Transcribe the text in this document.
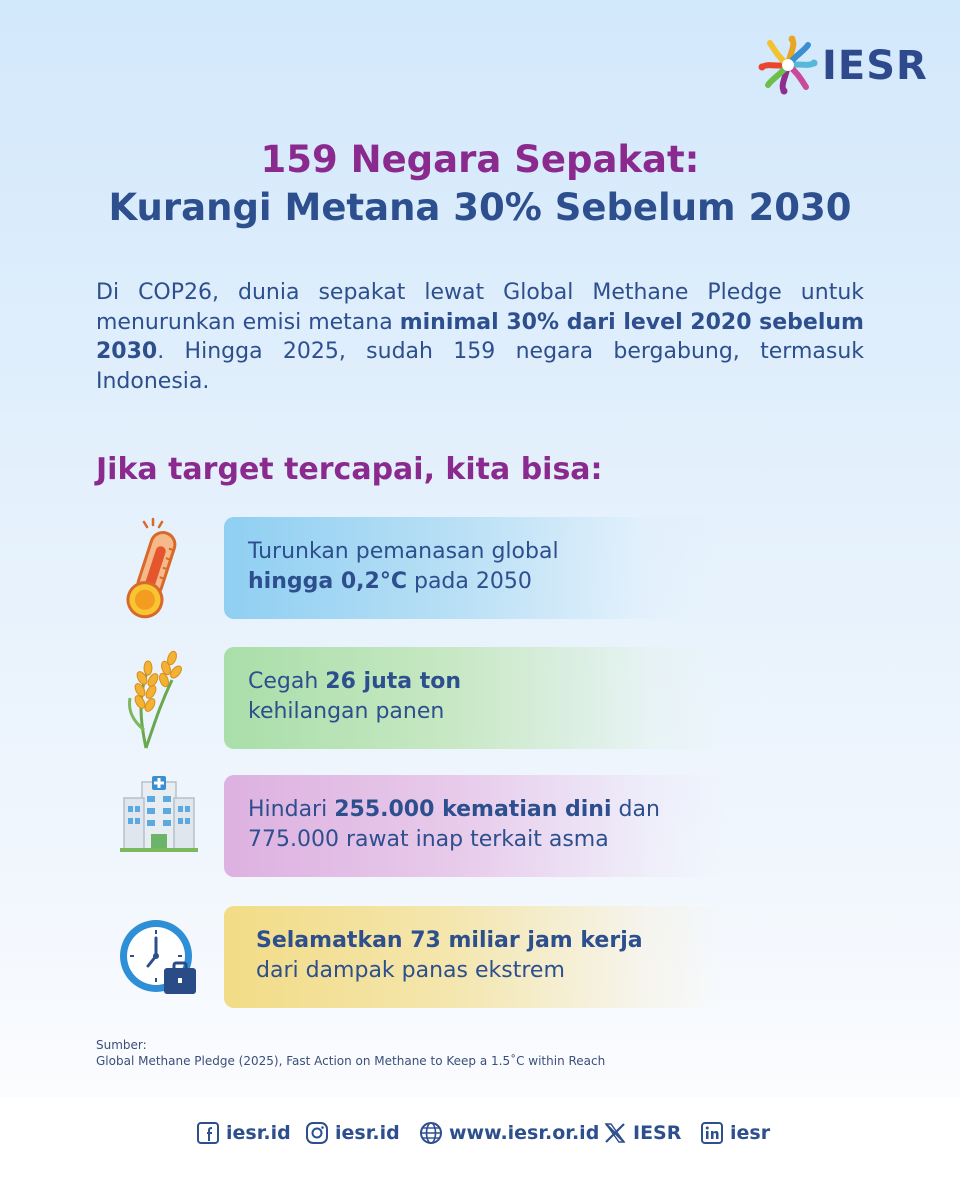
IESR
159 Negara Sepakat:
Kurangi Metana 30% Sebelum 2030

Di COP26, dunia sepakat lewat Global Methane Pledge untuk menurunkan emisi metana minimal 30% dari level 2020 sebelum 2030. Hingga 2025, sudah 159 negara bergabung, termasuk Indonesia.

Jika target tercapai, kita bisa:
Turunkan pemanasan global
hingga 0,2°C pada 2050
Cegah 26 juta ton
kehilangan panen
Hindari 255.000 kematian dini dan
775.000 rawat inap terkait asma
Selamatkan 73 miliar jam kerja
dari dampak panas ekstrem
Sumber:
Global Methane Pledge (2025), Fast Action on Methane to Keep a 1.5˚C within Reach
iesr.id iesr.id	www.iesr.or.id IESR	iesr
